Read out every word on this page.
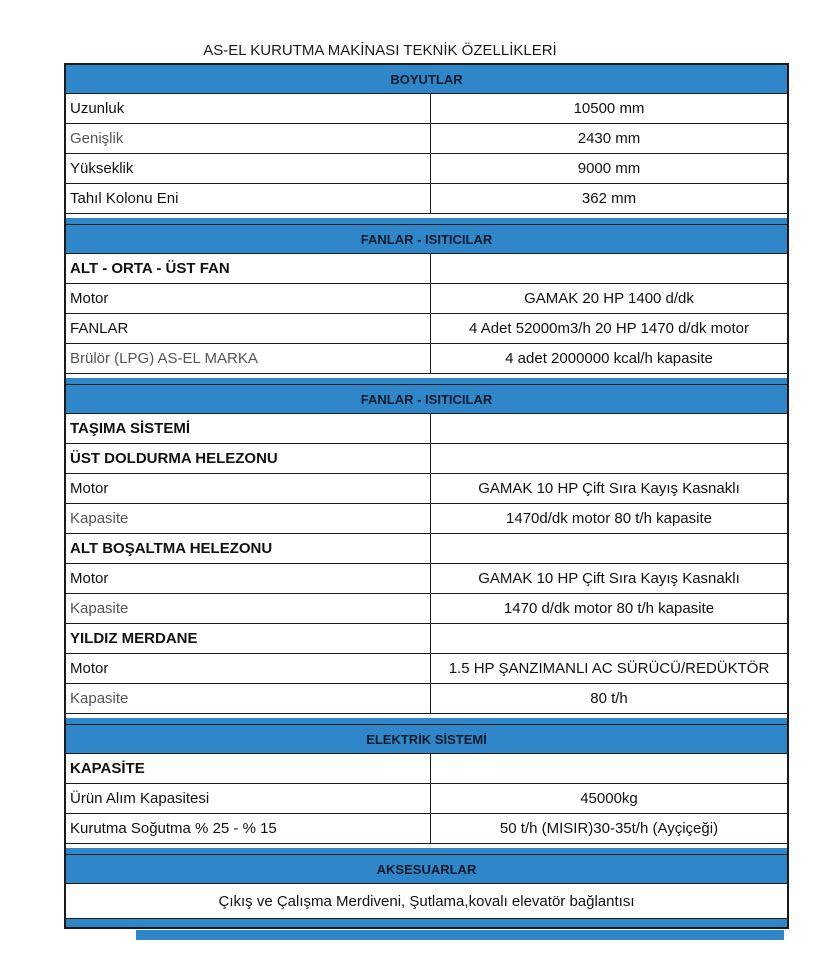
AS-EL KURUTMA MAKİNASI TEKNİK ÖZELLİKLERİ
BOYUTLAR
Uzunluk	10500 mm
Genişlik	2430 mm
Yükseklik	9000 mm
Tahıl Kolonu Eni	362 mm
FANLAR - ISITICILAR
ALT - ORTA - ÜST FAN
Motor	GAMAK 20 HP 1400 d/dk
FANLAR	4 Adet 52000m3/h 20 HP 1470 d/dk motor
Brülör (LPG) AS-EL MARKA	4 adet 2000000 kcal/h kapasite
FANLAR - ISITICILAR
TAŞIMA SİSTEMİ
ÜST DOLDURMA HELEZONU
Motor	GAMAK 10 HP Çift Sıra Kayış Kasnaklı
Kapasite	1470d/dk motor 80 t/h kapasite
ALT BOŞALTMA HELEZONU
Motor	GAMAK 10 HP Çift Sıra Kayış Kasnaklı
Kapasite	1470 d/dk motor 80 t/h kapasite
YILDIZ MERDANE
Motor	1.5 HP ŞANZIMANLI AC SÜRÜCÜ/REDÜKTÖR
Kapasite	80 t/h
ELEKTRİK SİSTEMİ
KAPASİTE
Ürün Alım Kapasitesi	45000kg
Kurutma Soğutma % 25 - % 15	50 t/h (MISIR)30-35t/h (Ayçiçeği)
AKSESUARLAR
Çıkış ve Çalışma Merdiveni, Şutlama,kovalı elevatör bağlantısı
